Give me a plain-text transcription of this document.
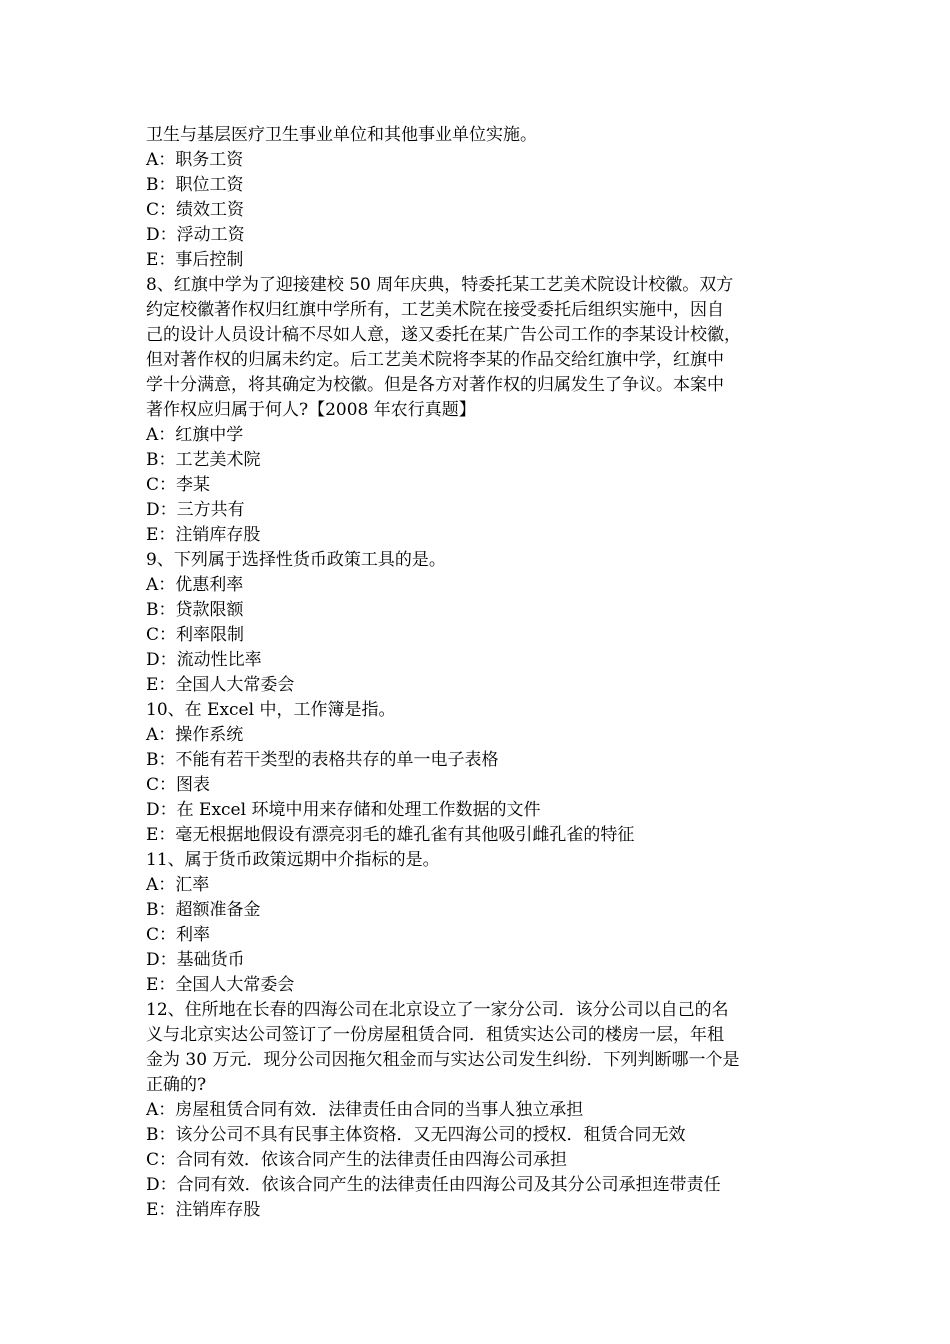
卫生与基层医疗卫生事业单位和其他事业单位实施。
A：职务工资
B：职位工资
C：绩效工资
D：浮动工资
E：事后控制
8、红旗中学为了迎接建校 50 周年庆典，特委托某工艺美术院设计校徽。双方
约定校徽著作权归红旗中学所有，工艺美术院在接受委托后组织实施中，因自
己的设计人员设计稿不尽如人意，遂又委托在某广告公司工作的李某设计校徽，
但对著作权的归属未约定。后工艺美术院将李某的作品交给红旗中学，红旗中
学十分满意，将其确定为校徽。但是各方对著作权的归属发生了争议。本案中
著作权应归属于何人?【2008 年农行真题】
A：红旗中学
B：工艺美术院
C：李某
D：三方共有
E：注销库存股
9、下列属于选择性货币政策工具的是。
A：优惠利率
B：贷款限额
C：利率限制
D：流动性比率
E：全国人大常委会
10、在 Excel 中，工作簿是指。
A：操作系统
B：不能有若干类型的表格共存的单一电子表格
C：图表
D：在 Excel 环境中用来存储和处理工作数据的文件
E：毫无根据地假设有漂亮羽毛的雄孔雀有其他吸引雌孔雀的特征
11、属于货币政策远期中介指标的是。
A：汇率
B：超额准备金
C：利率
D：基础货币
E：全国人大常委会
12、住所地在长春的四海公司在北京设立了一家分公司．该分公司以自己的名
义与北京实达公司签订了一份房屋租赁合同．租赁实达公司的楼房一层，年租
金为 30 万元．现分公司因拖欠租金而与实达公司发生纠纷．下列判断哪一个是
正确的?
A：房屋租赁合同有效．法律责任由合同的当事人独立承担
B：该分公司不具有民事主体资格．又无四海公司的授权．租赁合同无效
C：合同有效．依该合同产生的法律责任由四海公司承担
D：合同有效．依该合同产生的法律责任由四海公司及其分公司承担连带责任
E：注销库存股
